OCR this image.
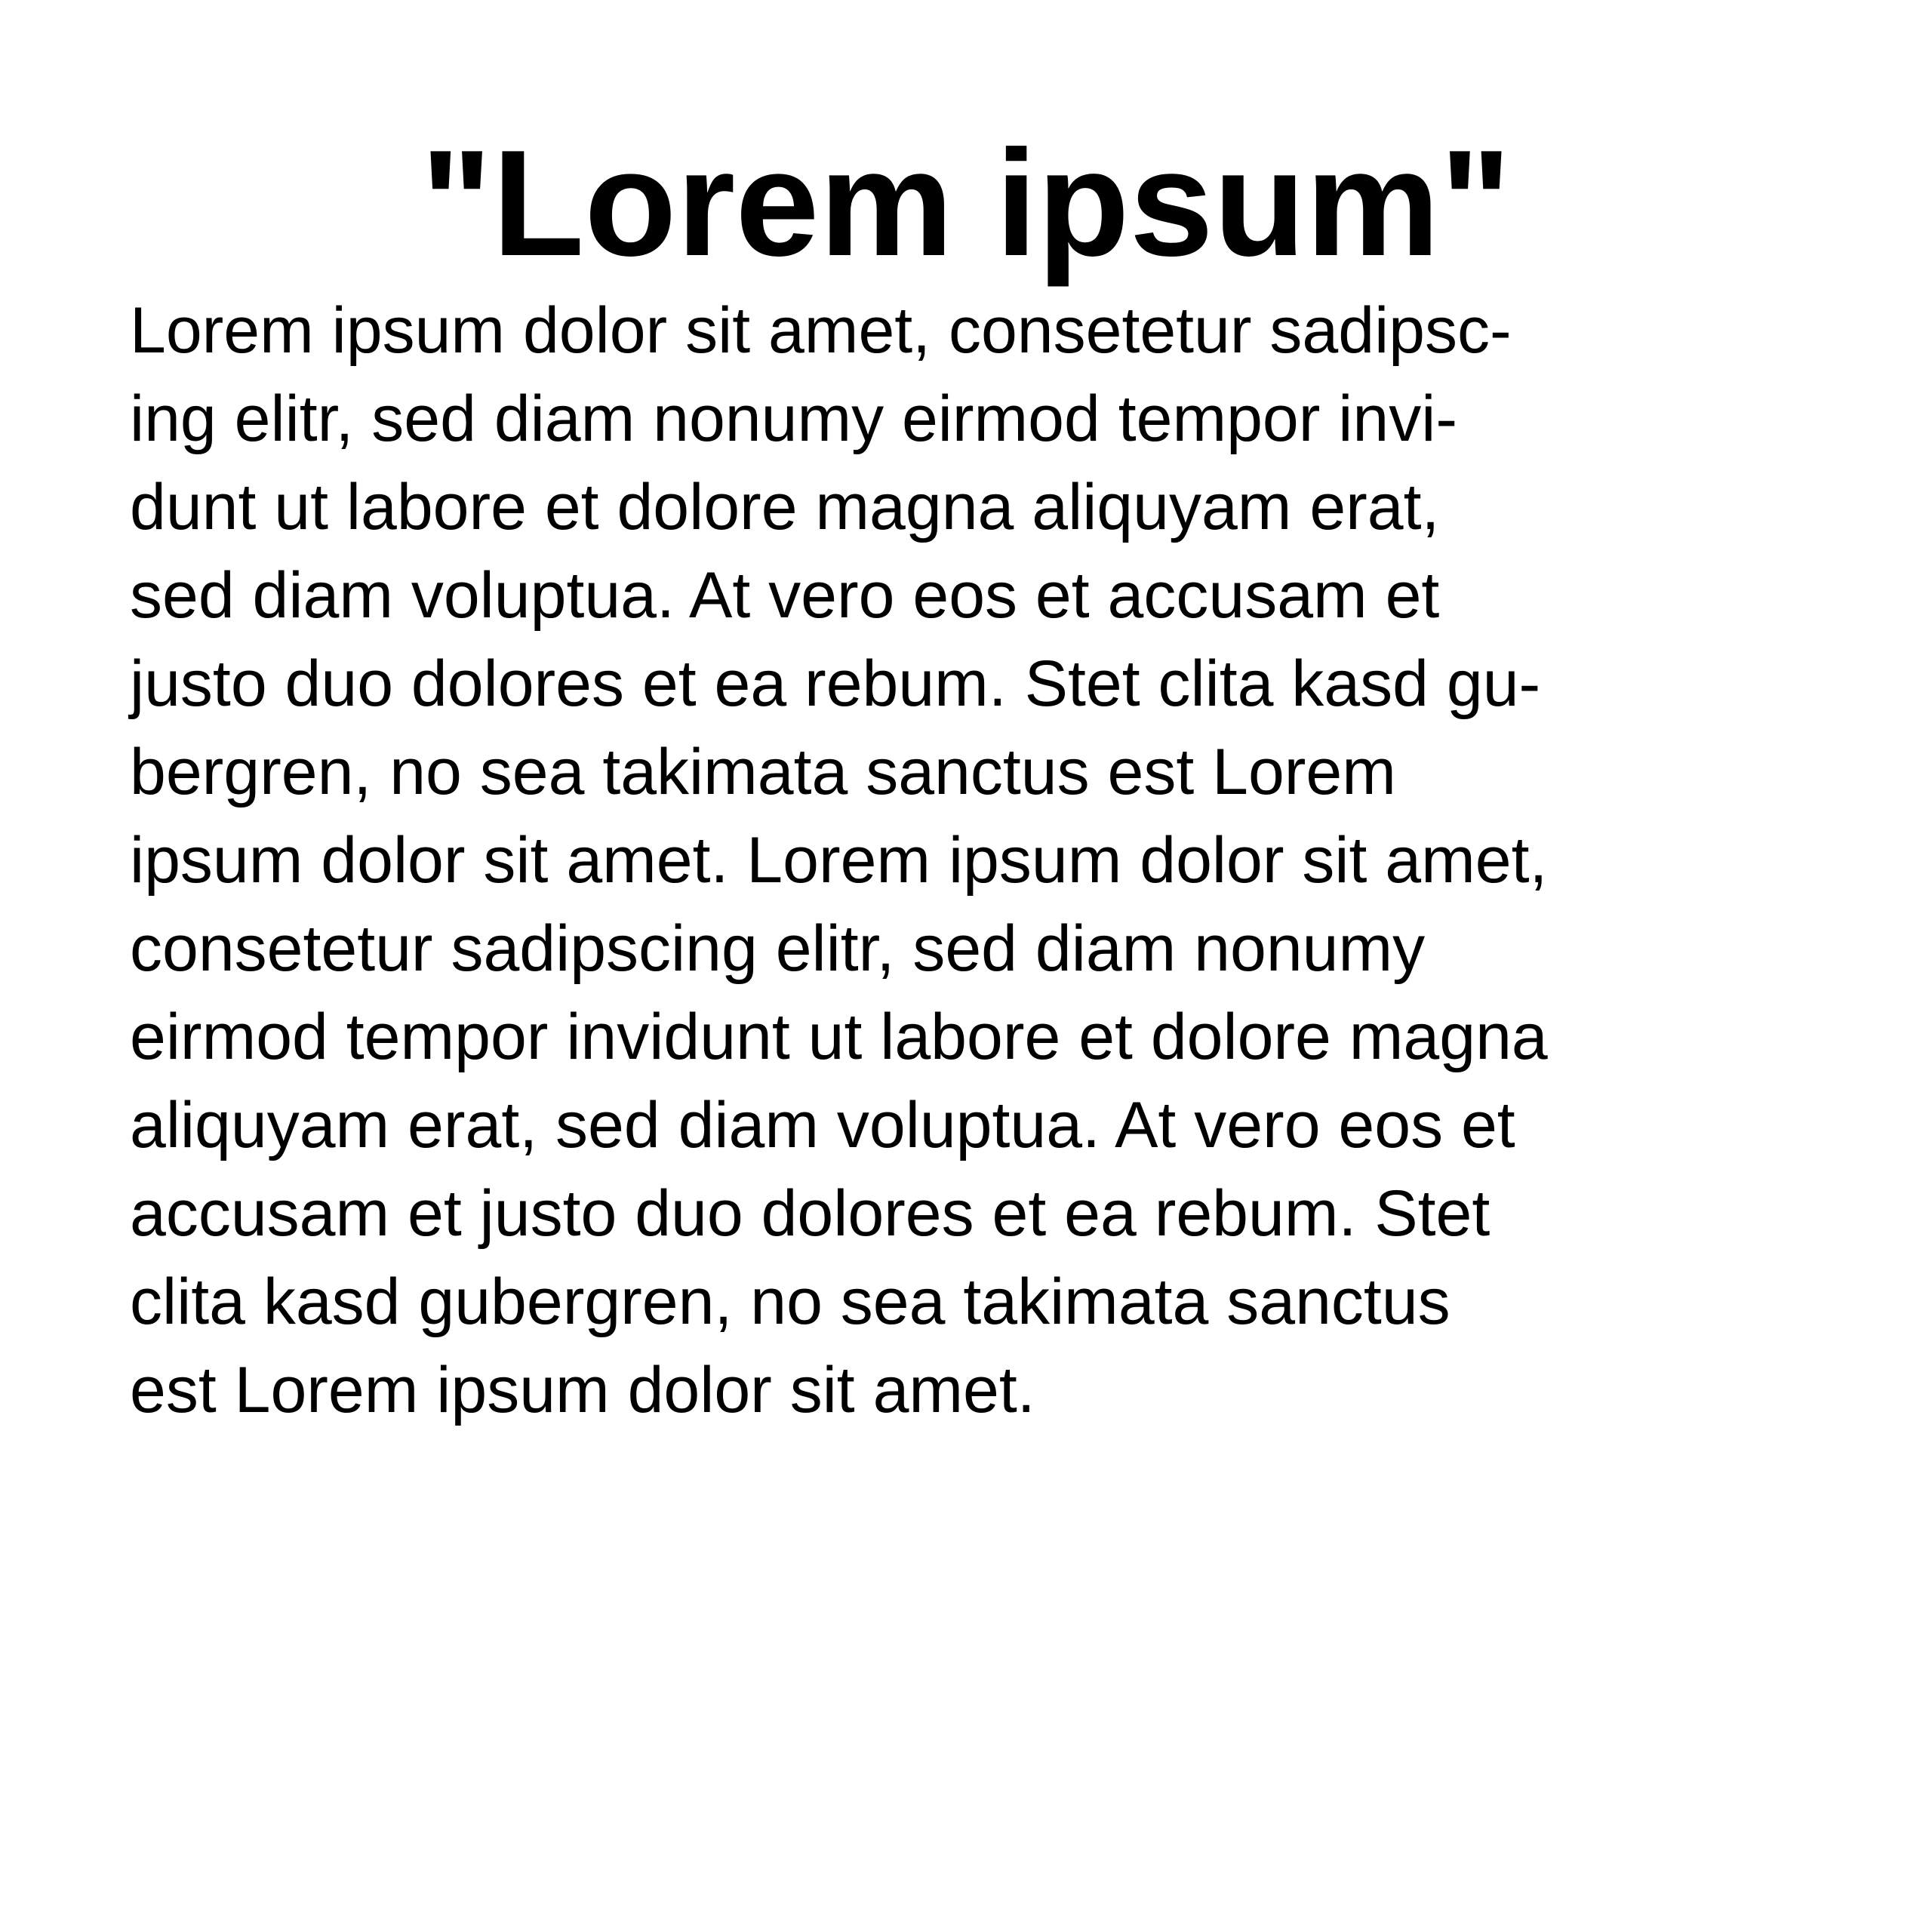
"Lorem ipsum"
Lorem ipsum dolor sit amet, consetetur sadipsc-
ing elitr, sed diam nonumy eirmod tempor invi-
dunt ut labore et dolore magna aliquyam erat,
sed diam voluptua. At vero eos et accusam et
justo duo dolores et ea rebum. Stet clita kasd gu-
bergren, no sea takimata sanctus est Lorem
ipsum dolor sit amet. Lorem ipsum dolor sit amet,
consetetur sadipscing elitr, sed diam nonumy
eirmod tempor invidunt ut labore et dolore magna
aliquyam erat, sed diam voluptua. At vero eos et
accusam et justo duo dolores et ea rebum. Stet
clita kasd gubergren, no sea takimata sanctus
est Lorem ipsum dolor sit amet.
